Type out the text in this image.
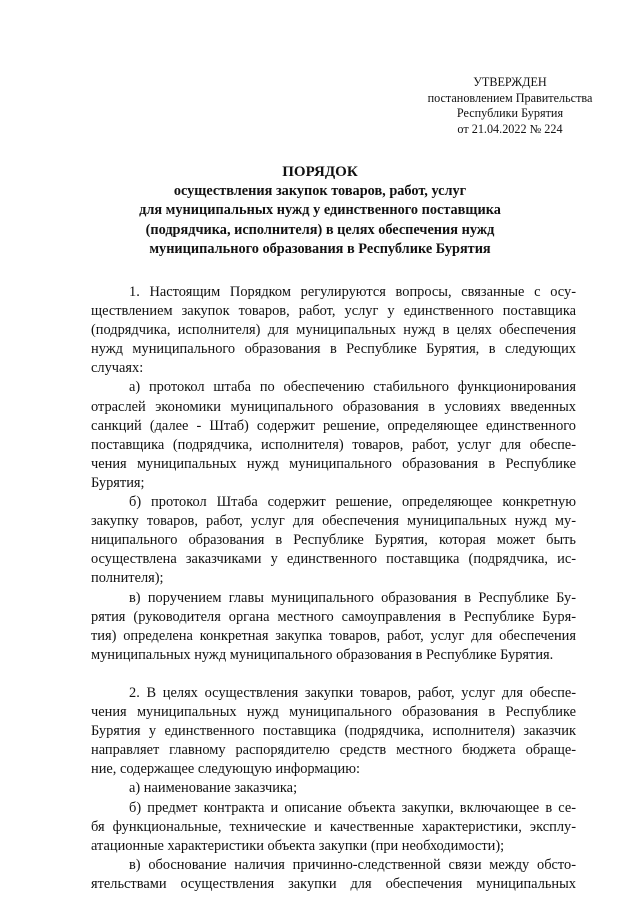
УТВЕРЖДЕН
постановлением Правительства
Республики Бурятия
от 21.04.2022 № 224
ПОРЯДОК
осуществления закупок товаров, работ, услуг
для муниципальных нужд у единственного поставщика
(подрядчика, исполнителя) в целях обеспечения нужд
муниципального образования в Республике Бурятия
1. Настоящим Порядком регулируются вопросы, связанные с осу-
ществлением закупок товаров, работ, услуг у единственного поставщика
(подрядчика, исполнителя) для муниципальных нужд в целях обеспечения
нужд муниципального образования в Республике Бурятия, в следующих
случаях:
а) протокол штаба по обеспечению стабильного функционирования
отраслей экономики муниципального образования в условиях введенных
санкций (далее - Штаб) содержит решение, определяющее единственного
поставщика (подрядчика, исполнителя) товаров, работ, услуг для обеспе-
чения муниципальных нужд муниципального образования в Республике
Бурятия;
б) протокол Штаба содержит решение, определяющее конкретную
закупку товаров, работ, услуг для обеспечения муниципальных нужд му-
ниципального образования в Республике Бурятия, которая может быть
осуществлена заказчиками у единственного поставщика (подрядчика, ис-
полнителя);
в) поручением главы муниципального образования в Республике Бу-
рятия (руководителя органа местного самоуправления в Республике Буря-
тия) определена конкретная закупка товаров, работ, услуг для обеспечения
муниципальных нужд муниципального образования в Республике Бурятия.
2. В целях осуществления закупки товаров, работ, услуг для обеспе-
чения муниципальных нужд муниципального образования в Республике
Бурятия у единственного поставщика (подрядчика, исполнителя) заказчик
направляет главному распорядителю средств местного бюджета обраще-
ние, содержащее следующую информацию:
а) наименование заказчика;
б) предмет контракта и описание объекта закупки, включающее в се-
бя функциональные, технические и качественные характеристики, эксплу-
атационные характеристики объекта закупки (при необходимости);
в) обоснование наличия причинно-следственной связи между обсто-
ятельствами осуществления закупки для обеспечения муниципальных
